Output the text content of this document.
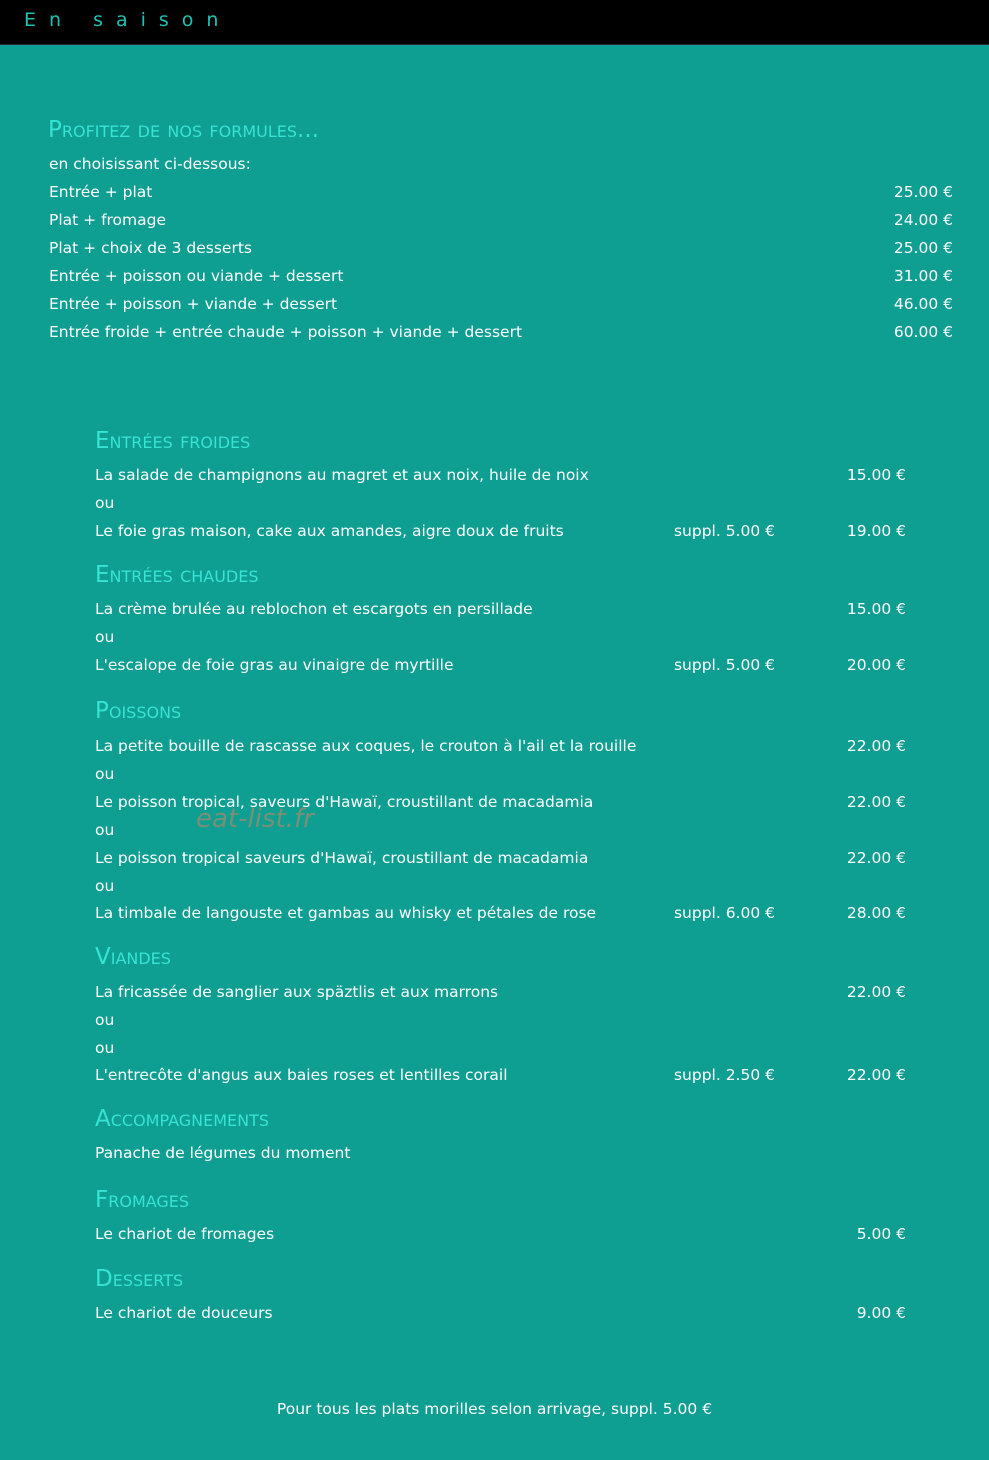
En saison
Profitez de nos formules...
en choisissant ci-dessous:
Entrée + plat	25.00 €
Plat + fromage	24.00 €
Plat + choix de 3 desserts	25.00 €
Entrée + poisson ou viande + dessert	31.00 €
Entrée + poisson + viande + dessert	46.00 €
Entrée froide + entrée chaude + poisson + viande + dessert	60.00 €
Entrées froides
La salade de champignons au magret et aux noix, huile de noix	15.00 €
ou
Le foie gras maison, cake aux amandes, aigre doux de fruits	suppl. 5.00 €	19.00 €
Entrées chaudes
La crème brulée au reblochon et escargots en persillade	15.00 €
ou
L'escalope de foie gras au vinaigre de myrtille	suppl. 5.00 €	20.00 €
Poissons
La petite bouille de rascasse aux coques, le crouton à l'ail et la rouille	22.00 €
ou
Le poisson tropical, saveurs d'Hawaï, croustillant de macadamia	22.00 €
ou
Le poisson tropical saveurs d'Hawaï, croustillant de macadamia	22.00 €
ou
La timbale de langouste et gambas au whisky et pétales de rose	suppl. 6.00 €	28.00 €
Viandes
La fricassée de sanglier aux späztlis et aux marrons	22.00 €
ou
ou
L'entrecôte d'angus aux baies roses et lentilles corail	suppl. 2.50 €	22.00 €
Accompagnements
Panache de légumes du moment
Fromages
Le chariot de fromages	5.00 €
Desserts
Le chariot de douceurs	9.00 €
eat-list.fr
Pour tous les plats morilles selon arrivage, suppl. 5.00 €
